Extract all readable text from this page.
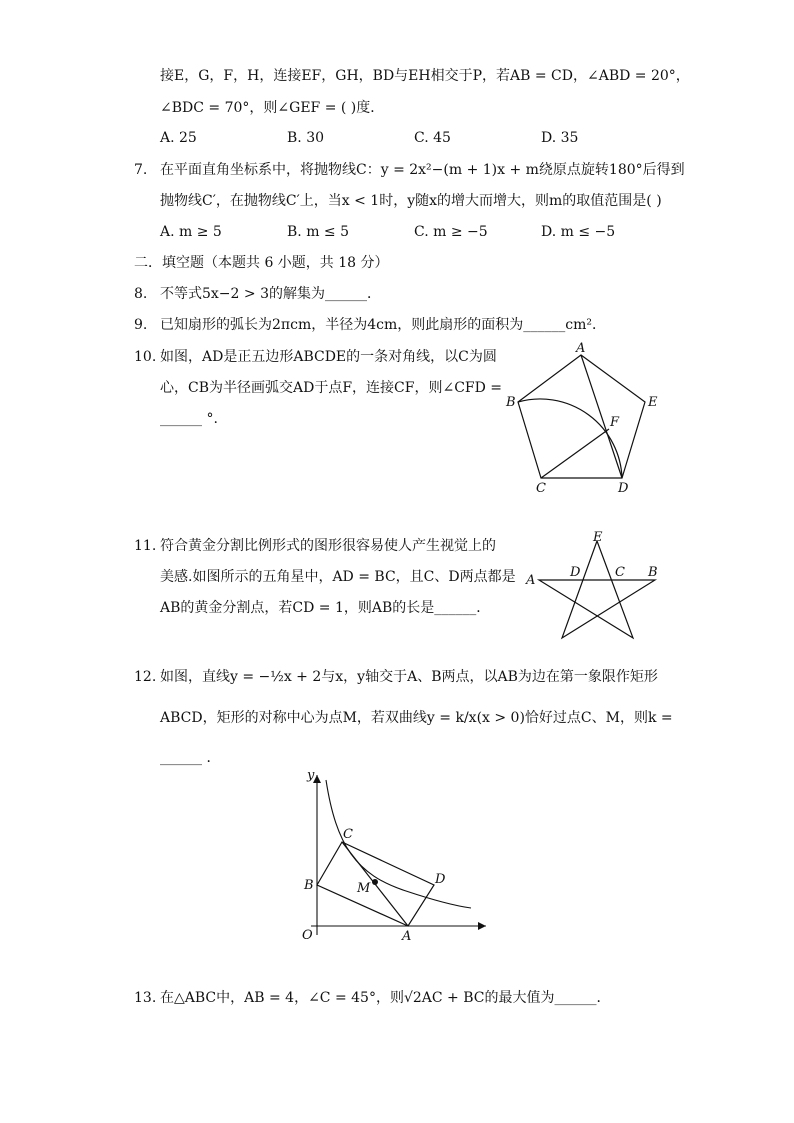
接E，G，F，H，连接EF，GH，BD与EH相交于P，若AB = CD，∠ABD = 20°，
∠BDC = 70°，则∠GEF = ( )度．
A. 25	B. 30	C. 45	D. 35
7. 在平面直角坐标系中，将抛物线C：y = 2x²−(m + 1)x + m绕原点旋转180°后得到
抛物线C′，在抛物线C′上，当x < 1时，y随x的增大而增大，则m的取值范围是( )
A. m ≥ 5	B. m ≤ 5	C. m ≥ −5	D. m ≤ −5
二．填空题（本题共 6 小题，共 18 分）
8. 不等式5x−2 > 3的解集为______．
9. 已知扇形的弧长为2πcm，半径为4cm，则此扇形的面积为______cm²．
10. 如图，AD是正五边形ABCDE的一条对角线，以C为圆
心，CB为半径画弧交AD于点F，连接CF，则∠CFD =
______ °.
A
B
C	D
E
F
11. 符合黄金分割比例形式的图形很容易使人产生视觉上的
美感.如图所示的五角星中，AD = BC，且C、D两点都是
AB的黄金分割点，若CD = 1，则AB的长是______．
E
A
D	C B
12. 如图，直线y = −½x + 2与x，y轴交于A、B两点，以AB为边在第一象限作矩形
ABCD，矩形的对称中心为点M，若双曲线y = k/x(x > 0)恰好过点C、M，则k =
______ ．
y
O	A
B
C
D
M
13. 在△ABC中，AB = 4，∠C = 45°，则√2AC + BC的最大值为______．
